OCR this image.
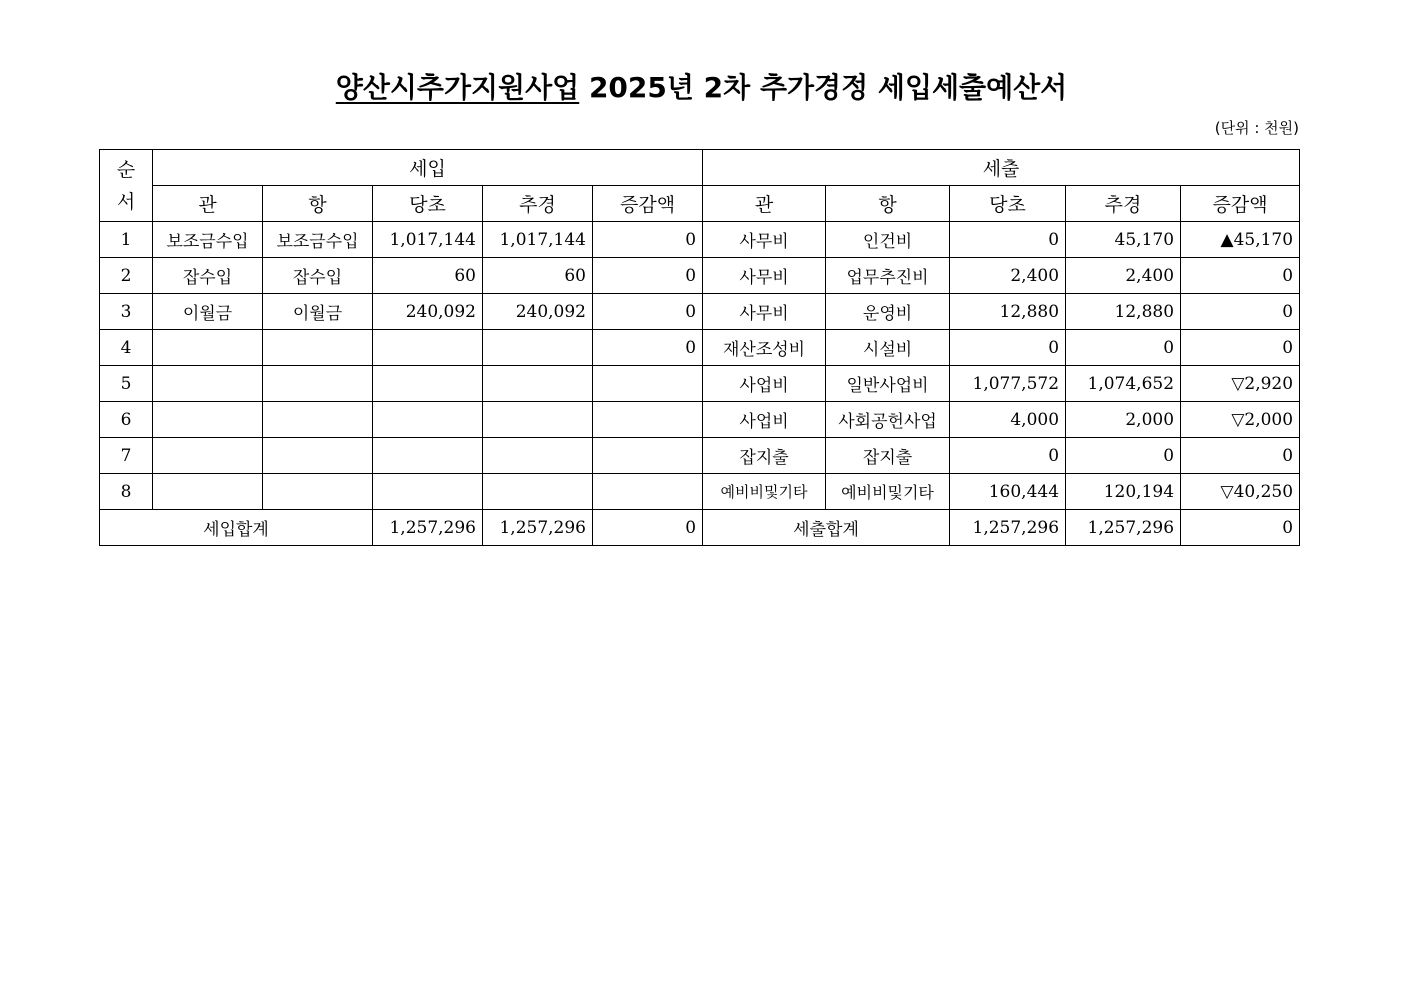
양산시추가지원사업 2025년 2차 추가경정 세입세출예산서
(단위 : 천원)
순
서	세입					세출				
	관	항	당초	추경	증감액	관	항	당초	추경	증감액
1	보조금수입	보조금수입	1,017,144	1,017,144	0	사무비	인건비	0	45,170	▲45,170
2	잡수입	잡수입	60	60	0	사무비	업무추진비	2,400	2,400	0
3	이월금	이월금	240,092	240,092	0	사무비	운영비	12,880	12,880	0
4					0	재산조성비	시설비	0	0	0
5						사업비	일반사업비	1,077,572	1,074,652	▽2,920
6						사업비	사회공헌사업	4,000	2,000	▽2,000
7						잡지출	잡지출	0	0	0
8						예비비및기타	예비비및기타	160,444	120,194	▽40,250
세입합계			1,257,296	1,257,296	0	세출합계		1,257,296	1,257,296	0
